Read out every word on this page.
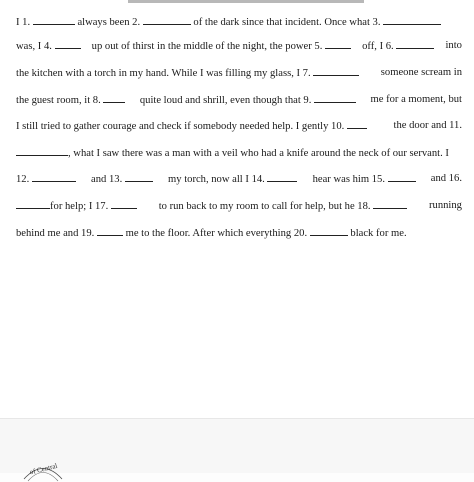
I 1.	always been 2.	of the dark since that incident. Once what 3.
was, I 4.	up out of thirst in the middle of the night, the power 5.	off, I 6.	into
the kitchen with a torch in my hand. While I was filling my glass, I 7.	someone scream in
the guest room, it 8.	quite loud and shrill, even though that 9.	me for a moment, but
I still tried to gather courage and check if somebody needed help. I gently 10.	the door and 11.
, what I saw there was a man with a veil who had a knife around the neck of our servant. I
12.	and 13.	my torch, now all I 14.	hear was him 15.	and 16.
for help; I 17.	to run back to my room to call for help, but he 18.	running
behind me and 19.	me to the floor. After which everything 20.	black for me.
of Central
